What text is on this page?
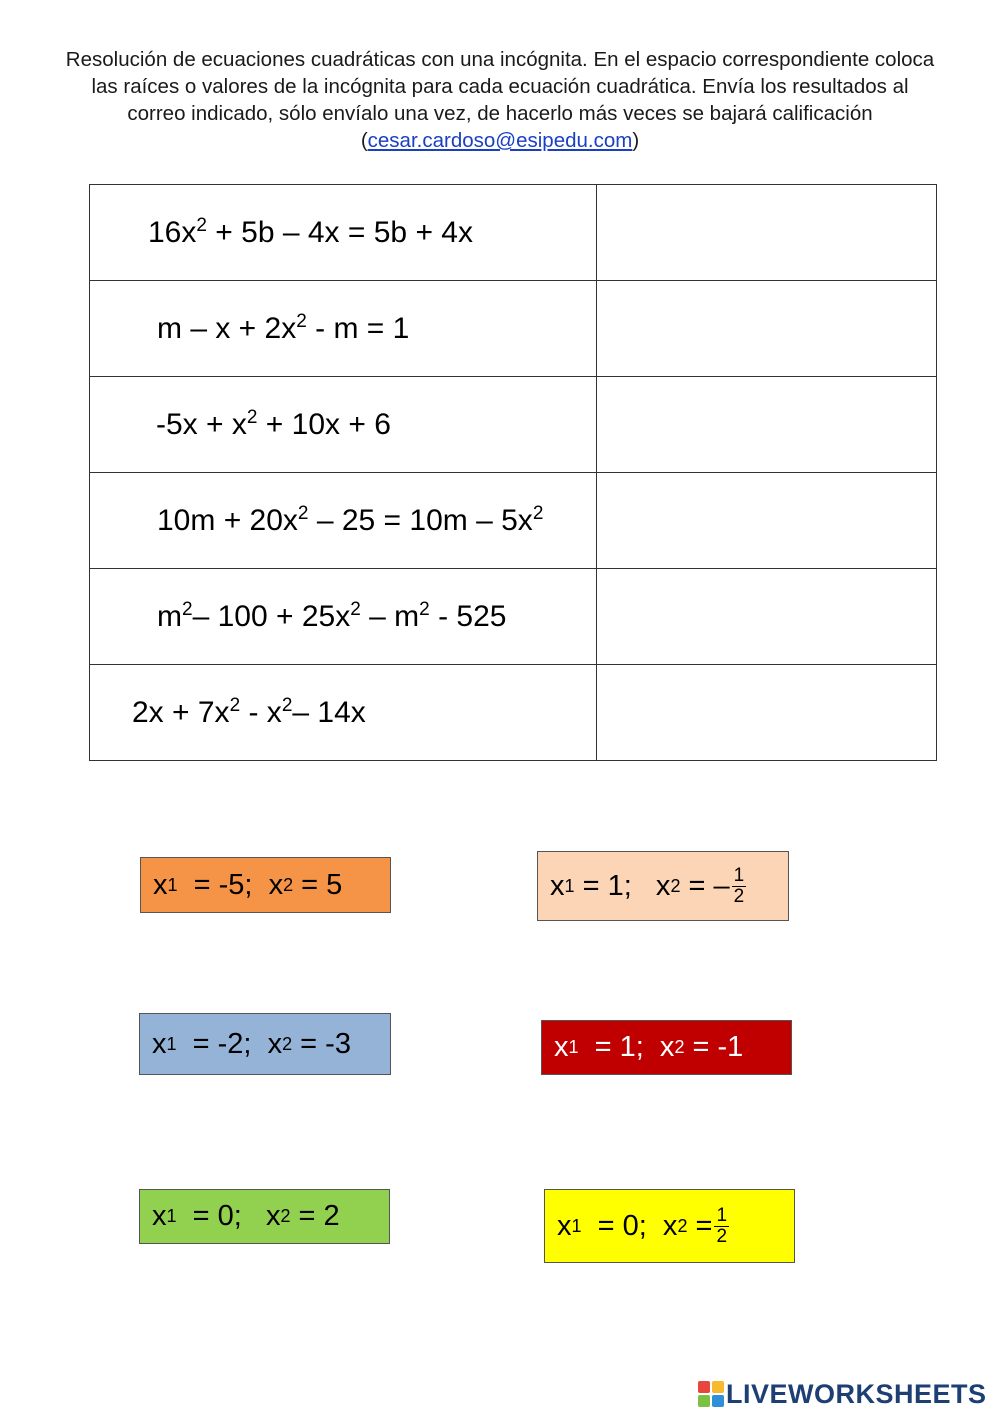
Resolución de ecuaciones cuadráticas con una incógnita. En el espacio correspondiente coloca las raíces o valores de la incógnita para cada ecuación cuadrática. Envía los resultados al correo indicado, sólo envíalo una vez, de hacerlo más veces se bajará calificación (cesar.cardoso@esipedu.com)
$16x^2 + 5b - 4x = 5b + 4x$	

$m - x + 2x^2 - m = 1$	

$-5x + x^2 + 10x + 6$	

$10m + 20x^2 - 25 = 10m - 5x^2$	

$m^2-$ $100 + 25x^2 - m^2 - 525$	

$2x + 7x^2 - x^2-$ 14x	
x 1 = -5;  x 2 = 5	x 1 = 1;   x 2 = – $\frac{1}{2}$
x 1 = -2;  x 2 = -3	x 1 = 1;  x 2 = -1
x 1 = 0;   x 2 = 2	x 1 = 0;  x $2 = \frac{1}{2}$
LIVEWORKSHEETS
